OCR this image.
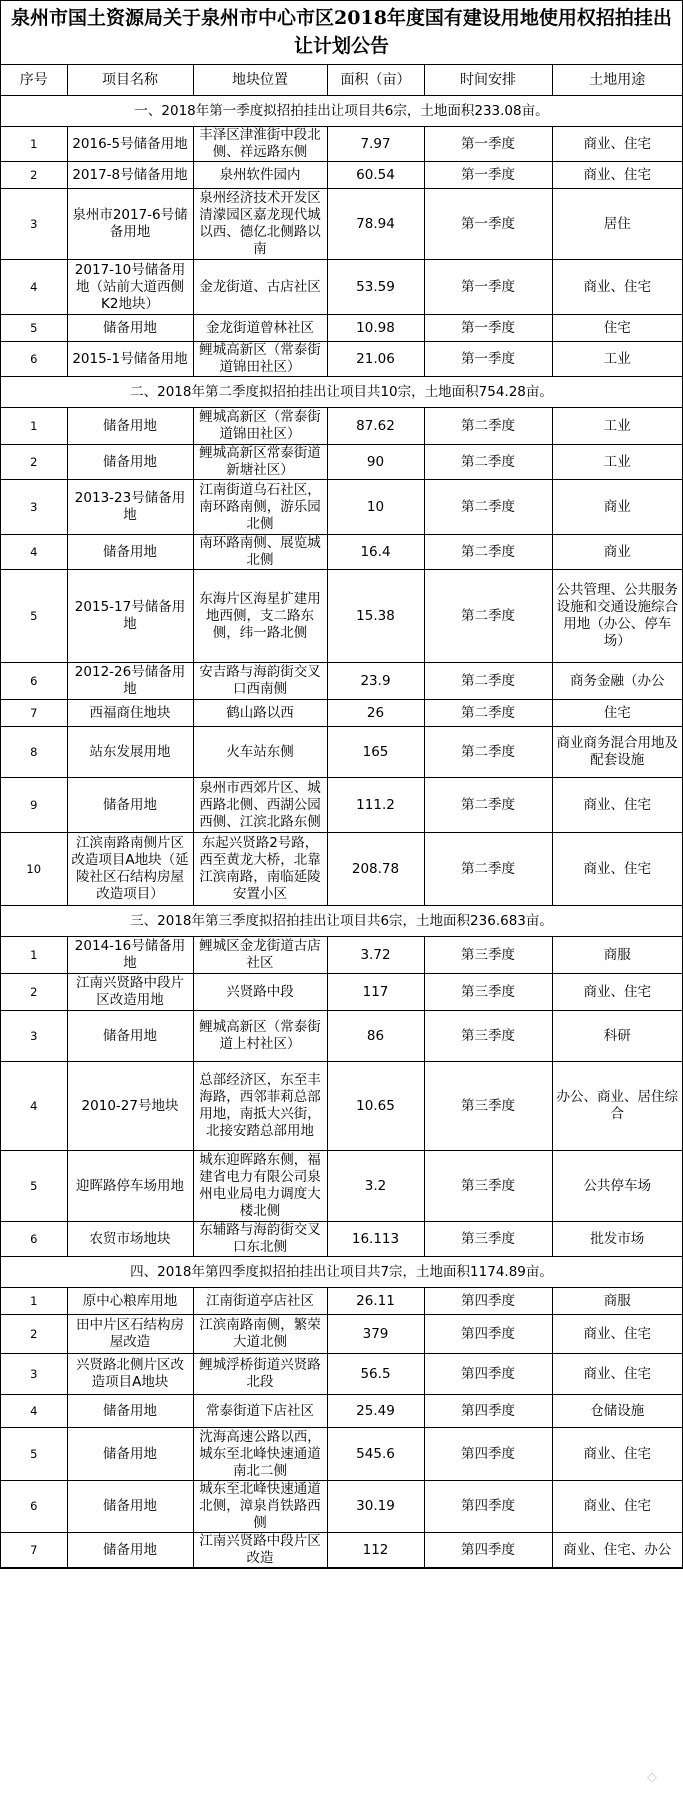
泉州市国土资源局关于泉州市中心市区2018年度国有建设用地使用权招拍挂出让计划公告
序号	项目名称	地块位置	面积（亩）	时间安排	土地用途
一、2018年第一季度拟招拍挂出让项目共6宗，土地面积233.08亩。					
1	2016-5号储备用地	丰泽区津淮街中段北侧、祥远路东侧	7.97	第一季度	商业、住宅
2	2017-8号储备用地	泉州软件园内	60.54	第一季度	商业、住宅
3	泉州市2017-6号储备用地	泉州经济技术开发区清濛园区嘉龙现代城以西、德亿北侧路以南	78.94	第一季度	居住
4	2017-10号储备用地（站前大道西侧K2地块）	金龙街道、古店社区	53.59	第一季度	商业、住宅
5	储备用地	金龙街道曾林社区	10.98	第一季度	住宅
6	2015-1号储备用地	鲤城高新区（常泰街道锦田社区）	21.06	第一季度	工业
二、2018年第二季度拟招拍挂出让项目共10宗，土地面积754.28亩。					
1	储备用地	鲤城高新区（常泰街道锦田社区）	87.62	第二季度	工业
2	储备用地	鲤城高新区常泰街道新塘社区）	90	第二季度	工业
3	2013-23号储备用地	江南街道乌石社区，南环路南侧，游乐园北侧	10	第二季度	商业
4	储备用地	南环路南侧、展览城北侧	16.4	第二季度	商业
5	2015-17号储备用地	东海片区海星扩建用地西侧，支二路东侧，纬一路北侧	15.38	第二季度	公共管理、公共服务设施和交通设施综合用地（办公、停车场）
6	2012-26号储备用地	安吉路与海韵街交叉口西南侧	23.9	第二季度	商务金融（办公
7	西福商住地块	鹤山路以西	26	第二季度	住宅
8	站东发展用地	火车站东侧	165	第二季度	商业商务混合用地及配套设施
9	储备用地	泉州市西郊片区、城西路北侧、西湖公园西侧、江滨北路东侧	111.2	第二季度	商业、住宅
10	江滨南路南侧片区改造项目A地块（延陵社区石结构房屋改造项目）	东起兴贤路2号路，西至黄龙大桥，北靠江滨南路，南临延陵安置小区	208.78	第二季度	商业、住宅
三、2018年第三季度拟招拍挂出让项目共6宗，土地面积236.683亩。					
1	2014-16号储备用地	鲤城区金龙街道古店社区	3.72	第三季度	商服
2	江南兴贤路中段片区改造用地	兴贤路中段	117	第三季度	商业、住宅
3	储备用地	鲤城高新区（常泰街道上村社区）	86	第三季度	科研
4	2010-27号地块	总部经济区，东至丰海路，西邻菲莉总部用地，南抵大兴街，北接安踏总部用地	10.65	第三季度	办公、商业、居住综合
5	迎晖路停车场用地	城东迎晖路东侧，福建省电力有限公司泉州电业局电力调度大楼北侧	3.2	第三季度	公共停车场
6	农贸市场地块	东辅路与海韵街交叉口东北侧	16.113	第三季度	批发市场
四、2018年第四季度拟招拍挂出让项目共7宗，土地面积1174.89亩。					
1	原中心粮库用地	江南街道亭店社区	26.11	第四季度	商服
2	田中片区石结构房屋改造	江滨南路南侧，繁荣大道北侧	379	第四季度	商业、住宅
3	兴贤路北侧片区改造项目A地块	鲤城浮桥街道兴贤路北段	56.5	第四季度	商业、住宅
4	储备用地	常泰街道下店社区	25.49	第四季度	仓储设施
5	储备用地	沈海高速公路以西，城东至北峰快速通道南北二侧	545.6	第四季度	商业、住宅
6	储备用地	城东至北峰快速通道北侧，漳泉肖铁路西侧	30.19	第四季度	商业、住宅
7	储备用地	江南兴贤路中段片区改造	112	第四季度	商业、住宅、办公
◇
